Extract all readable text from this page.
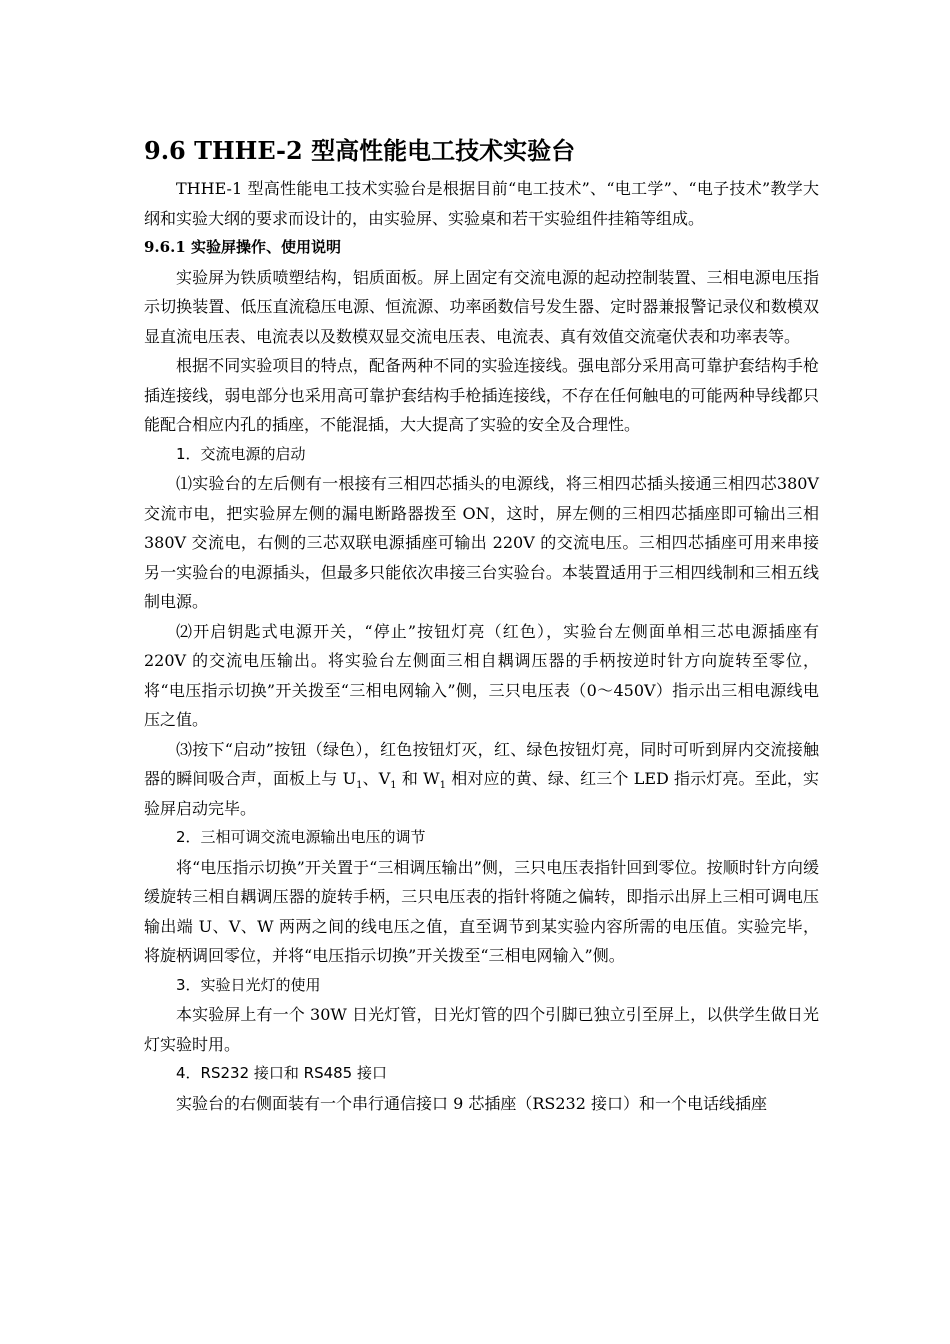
9.6 THHE-2 型高性能电工技术实验台

THHE-1 型高性能电工技术实验台是根据目前“电工技术”、“电工学”、“电子技术”教学大纲和实验大纲的要求而设计的，由实验屏、实验桌和若干实验组件挂箱等组成。

9.6.1 实验屏操作、使用说明

实验屏为铁质喷塑结构，铝质面板。屏上固定有交流电源的起动控制装置、三相电源电压指示切换装置、低压直流稳压电源、恒流源、功率函数信号发生器、定时器兼报警记录仪和数模双显直流电压表、电流表以及数模双显交流电压表、电流表、真有效值交流毫伏表和功率表等。

根据不同实验项目的特点，配备两种不同的实验连接线。强电部分采用高可靠护套结构手枪插连接线，弱电部分也采用高可靠护套结构手枪插连接线，不存在任何触电的可能两种导线都只能配合相应内孔的插座，不能混插，大大提高了实验的安全及合理性。

1．交流电源的启动

⑴实验台的左后侧有一根接有三相四芯插头的电源线，将三相四芯插头接通三相四芯380V 交流市电，把实验屏左侧的漏电断路器拨至 ON，这时，屏左侧的三相四芯插座即可输出三相 380V 交流电，右侧的三芯双联电源插座可输出 220V 的交流电压。三相四芯插座可用来串接另一实验台的电源插头，但最多只能依次串接三台实验台。本装置适用于三相四线制和三相五线制电源。

⑵开启钥匙式电源开关，“停止”按钮灯亮（红色），实验台左侧面单相三芯电源插座有 220V 的交流电压输出。将实验台左侧面三相自耦调压器的手柄按逆时针方向旋转至零位，将“电压指示切换”开关拨至“三相电网输入”侧，三只电压表（0～450V）指示出三相电源线电压之值。

⑶按下“启动”按钮（绿色），红色按钮灯灭，红、绿色按钮灯亮，同时可听到屏内交流接触器的瞬间吸合声，面板上与 $U_1$、$V_1$ 和 $W_1$ 相对应的黄、绿、红三个 LED 指示灯亮。至此，实验屏启动完毕。

2．三相可调交流电源输出电压的调节

将“电压指示切换”开关置于“三相调压输出”侧，三只电压表指针回到零位。按顺时针方向缓缓旋转三相自耦调压器的旋转手柄，三只电压表的指针将随之偏转，即指示出屏上三相可调电压输出端 U、V、W 两两之间的线电压之值，直至调节到某实验内容所需的电压值。实验完毕，将旋柄调回零位，并将“电压指示切换”开关拨至“三相电网输入”侧。

3．实验日光灯的使用

本实验屏上有一个 30W 日光灯管，日光灯管的四个引脚已独立引至屏上，以供学生做日光灯实验时用。

4．RS232 接口和 RS485 接口

实验台的右侧面装有一个串行通信接口 9 芯插座（RS232 接口）和一个电话线插座
